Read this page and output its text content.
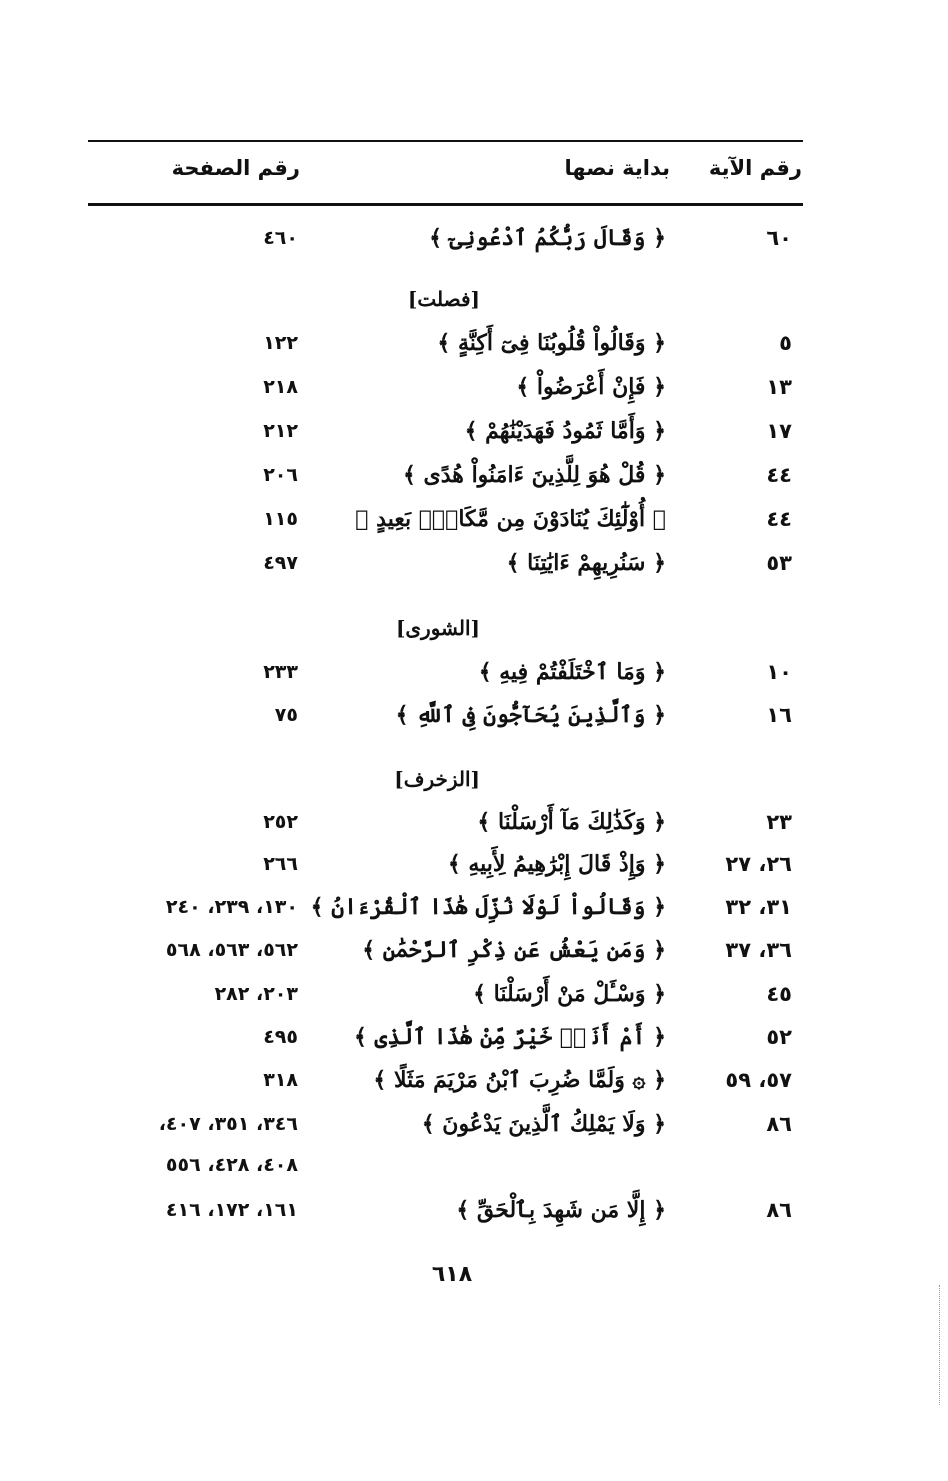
رقم الآية
بداية نصها
رقم الصفحة
٦٠
﴿ وَقَالَ رَبُّكُمُ ٱدْعُونِىٓ ﴾
٤٦٠
[فصلت]
٥
﴿ وَقَالُواْ قُلُوبُنَا فِىٓ أَكِنَّةٍ ﴾
١٢٢
١٣
﴿ فَإِنْ أَعْرَضُواْ ﴾
٢١٨
١٧
﴿ وَأَمَّا ثَمُودُ فَهَدَيْنَٰهُمْ ﴾
٢١٢
٤٤
﴿ قُلْ هُوَ لِلَّذِينَ ءَامَنُواْ هُدًى ﴾
٢٠٦
٤٤
﴿ أُوْلَٰٓئِكَ يُنَادَوْنَ مِن مَّكَانٍۭ بَعِيدٍ ﴾
١١٥
٥٣
﴿ سَنُرِيهِمْ ءَايَٰتِنَا ﴾
٤٩٧
[الشورى]
١٠
﴿ وَمَا ٱخْتَلَفْتُمْ فِيهِ ﴾
٢٣٣
١٦
﴿ وَٱلَّذِينَ يُحَآجُّونَ فِى ٱللَّهِ ﴾
٧٥
[الزخرف]
٢٣
﴿ وَكَذَٰلِكَ مَآ أَرْسَلْنَا ﴾
٢٥٢
٢٦، ٢٧
﴿ وَإِذْ قَالَ إِبْرَٰهِيمُ لِأَبِيهِ ﴾
٢٦٦
٣١، ٣٢
﴿ وَقَالُواْ لَوْلَا نُزِّلَ هَٰذَا ٱلْقُرْءَانُ ﴾
١٣٠، ٢٣٩، ٢٤٠
٣٦، ٣٧
﴿ وَمَن يَعْشُ عَن ذِكْرِ ٱلرَّحْمَٰنِ ﴾
٥٦٢، ٥٦٣، ٥٦٨
٤٥
﴿ وَسْـَٔلْ مَنْ أَرْسَلْنَا ﴾
٢٠٣، ٢٨٢
٥٢
﴿ أَمْ أَنَا۠ خَيْرٌ مِّنْ هَٰذَا ٱلَّذِى ﴾
٤٩٥
٥٧، ٥٩
﴿ ۞ وَلَمَّا ضُرِبَ ٱبْنُ مَرْيَمَ مَثَلًا ﴾
٣١٨
٨٦
﴿ وَلَا يَمْلِكُ ٱلَّذِينَ يَدْعُونَ ﴾
٣٤٦، ٣٥١، ٤٠٧،
٤٠٨، ٤٢٨، ٥٥٦
٨٦
﴿ إِلَّا مَن شَهِدَ بِٱلْحَقِّ ﴾
١٦١، ١٧٢، ٤١٦
٦١٨
